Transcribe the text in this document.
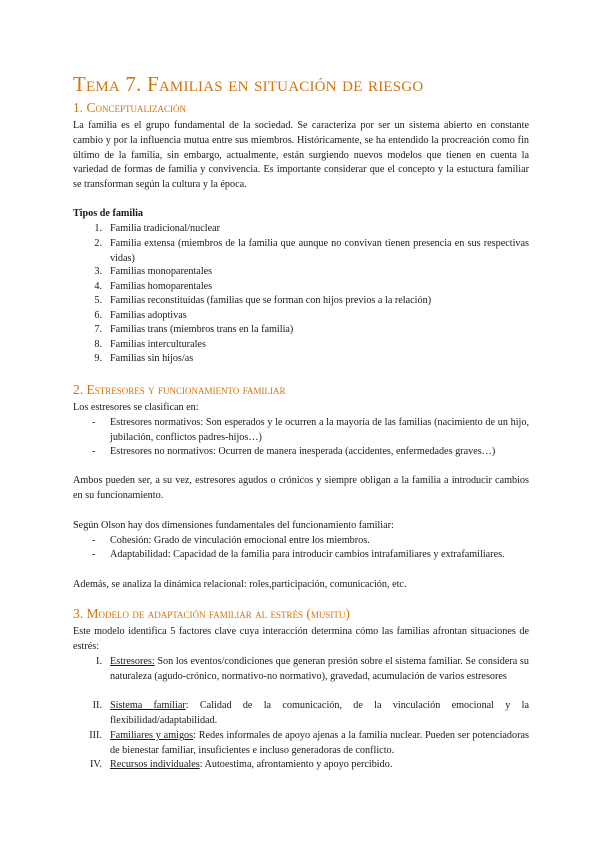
Tema 7. Familias en situación de riesgo
1. Conceptualización

La familia es el grupo fundamental de la sociedad. Se caracteriza por ser un sistema abierto en constante cambio y por la influencia mutua entre sus miembros. Históricamente, se ha entendido la procreación como fin último de la familia, sin embargo, actualmente, están surgiendo nuevos modelos que tienen en cuenta la variedad de formas de familia y convivencia. Es importante considerar que el concepto y la estuctura familiar se transforman según la cultura y la época.

Tipos de familia

1. Familia tradicional/nuclear

2. Familia extensa (miembros de la familia que aunque no convivan tienen presencia en sus respectivas vidas)

3. Familias monoparentales

4. Familias homoparentales

5. Familias reconstituidas (familias que se forman con hijos previos a la relación)

6. Familias adoptivas

7. Familias trans (miembros trans en la familia)

8. Familias interculturales

9. Familias sin hijos/as

2. Estresores y funcionamiento familiar

Los estresores se clasifican en:

- Estresores normativos: Son esperados y le ocurren a la mayoría de las familias (nacimiento de un hijo, jubilación, conflictos padres-hijos…)

- Estresores no normativos: Ocurren de manera inesperada (accidentes, enfermedades graves…)

Ambos pueden ser, a su vez, estresores agudos o crónicos y siempre obligan a la familia a introducir cambios en su funcionamiento.

Según Olson hay dos dimensiones fundamentales del funcionamiento familiar:

- Cohesión: Grado de vinculación emocional entre los miembros.

- Adaptabilidad: Capacidad de la familia para introducir cambios intrafamiliares y extrafamiliares.

Además, se analiza la dinámica relacional: roles,participación, comunicación, etc.

3. Modelo de adaptación familiar al estrés (musitu)

Este modelo identifica 5 factores clave cuya interacción determina cómo las familias afrontan situaciones de estrés:

I. Estresores: Son los eventos/condiciones que generan presión sobre el sistema familiar. Se considera su naturaleza (agudo-crónico, normativo-no normativo), gravedad, acumulación de varios estresores

II. Sistema familiar: Calidad de la comunicación, de la vinculación emocional y la flexibilidad/adaptabilidad.

III. Familiares y amigos: Redes informales de apoyo ajenas a la familia nuclear. Pueden ser potenciadoras de bienestar familiar, insuficientes e incluso generadoras de conflicto.

IV. Recursos individuales: Autoestima, afrontamiento y apoyo percibido.
